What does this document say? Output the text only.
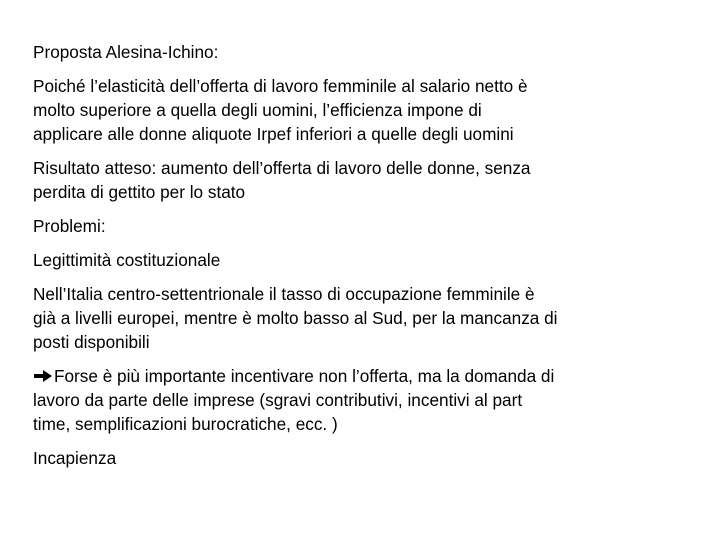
Proposta Alesina-Ichino:

Poiché l’elasticità dell’offerta di lavoro femminile al salario netto è
molto superiore a quella degli uomini, l’efficienza impone di
applicare alle donne aliquote Irpef inferiori a quelle degli uomini

Risultato atteso: aumento dell’offerta di lavoro delle donne, senza
perdita di gettito per lo stato

Problemi:

Legittimità costituzionale

Nell’Italia centro-settentrionale il tasso di occupazione femminile è
già a livelli europei, mentre è molto basso al Sud, per la mancanza di
posti disponibili

Forse è più importante incentivare non l’offerta, ma la domanda di
lavoro da parte delle imprese (sgravi contributivi, incentivi al part
time, semplificazioni burocratiche, ecc. )

Incapienza
